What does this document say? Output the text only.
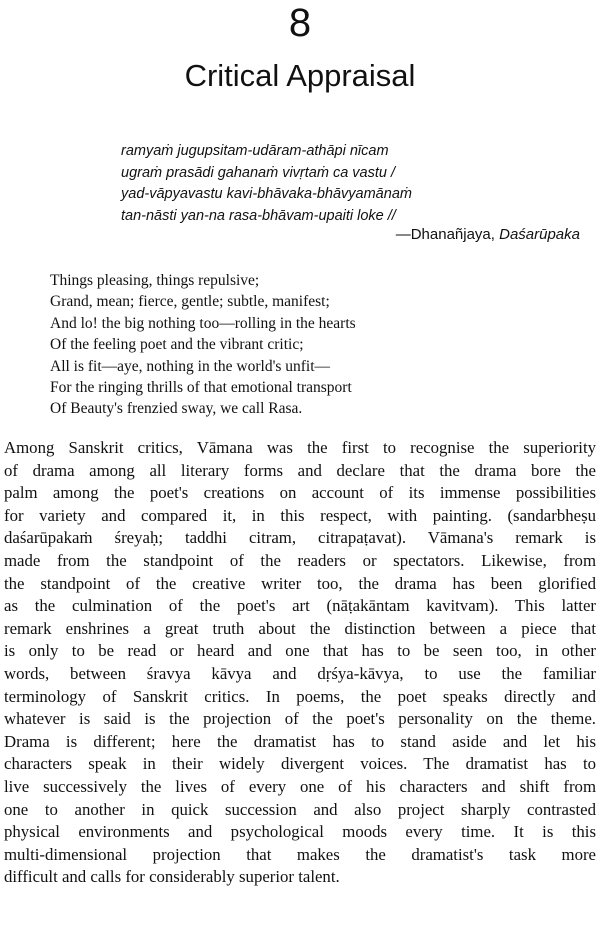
8
Critical Appraisal
ramyaṁ jugupsitam-udāram-athāpi nīcam
ugraṁ prasādi gahanaṁ vivṛtaṁ ca vastu /
yad-vāpyavastu kavi-bhāvaka-bhāvyamānaṁ
tan-nāsti yan-na rasa-bhāvam-upaiti loke //
—Dhanañjaya, Daśarūpaka
Things pleasing, things repulsive;
Grand, mean; fierce, gentle; subtle, manifest;
And lo! the big nothing too—rolling in the hearts
Of the feeling poet and the vibrant critic;
All is fit—aye, nothing in the world's unfit—
For the ringing thrills of that emotional transport
Of Beauty's frenzied sway, we call Rasa.
Among Sanskrit critics, Vāmana was the first to recognise the superiority
of drama among all literary forms and declare that the drama bore the
palm among the poet's creations on account of its immense possibilities
for variety and compared it, in this respect, with painting. (sandarbheṣu
daśarūpakaṁ śreyaḥ; taddhi citram, citrapaṭavat). Vāmana's remark is
made from the standpoint of the readers or spectators. Likewise, from
the standpoint of the creative writer too, the drama has been glorified
as the culmination of the poet's art (nāṭakāntam kavitvam). This latter
remark enshrines a great truth about the distinction between a piece that
is only to be read or heard and one that has to be seen too, in other
words, between śravya kāvya and dṛśya-kāvya, to use the familiar
terminology of Sanskrit critics. In poems, the poet speaks directly and
whatever is said is the projection of the poet's personality on the theme.
Drama is different; here the dramatist has to stand aside and let his
characters speak in their widely divergent voices. The dramatist has to
live successively the lives of every one of his characters and shift from
one to another in quick succession and also project sharply contrasted
physical environments and psychological moods every time. It is this
multi-dimensional projection that makes the dramatist's task more
difficult and calls for considerably superior talent.
